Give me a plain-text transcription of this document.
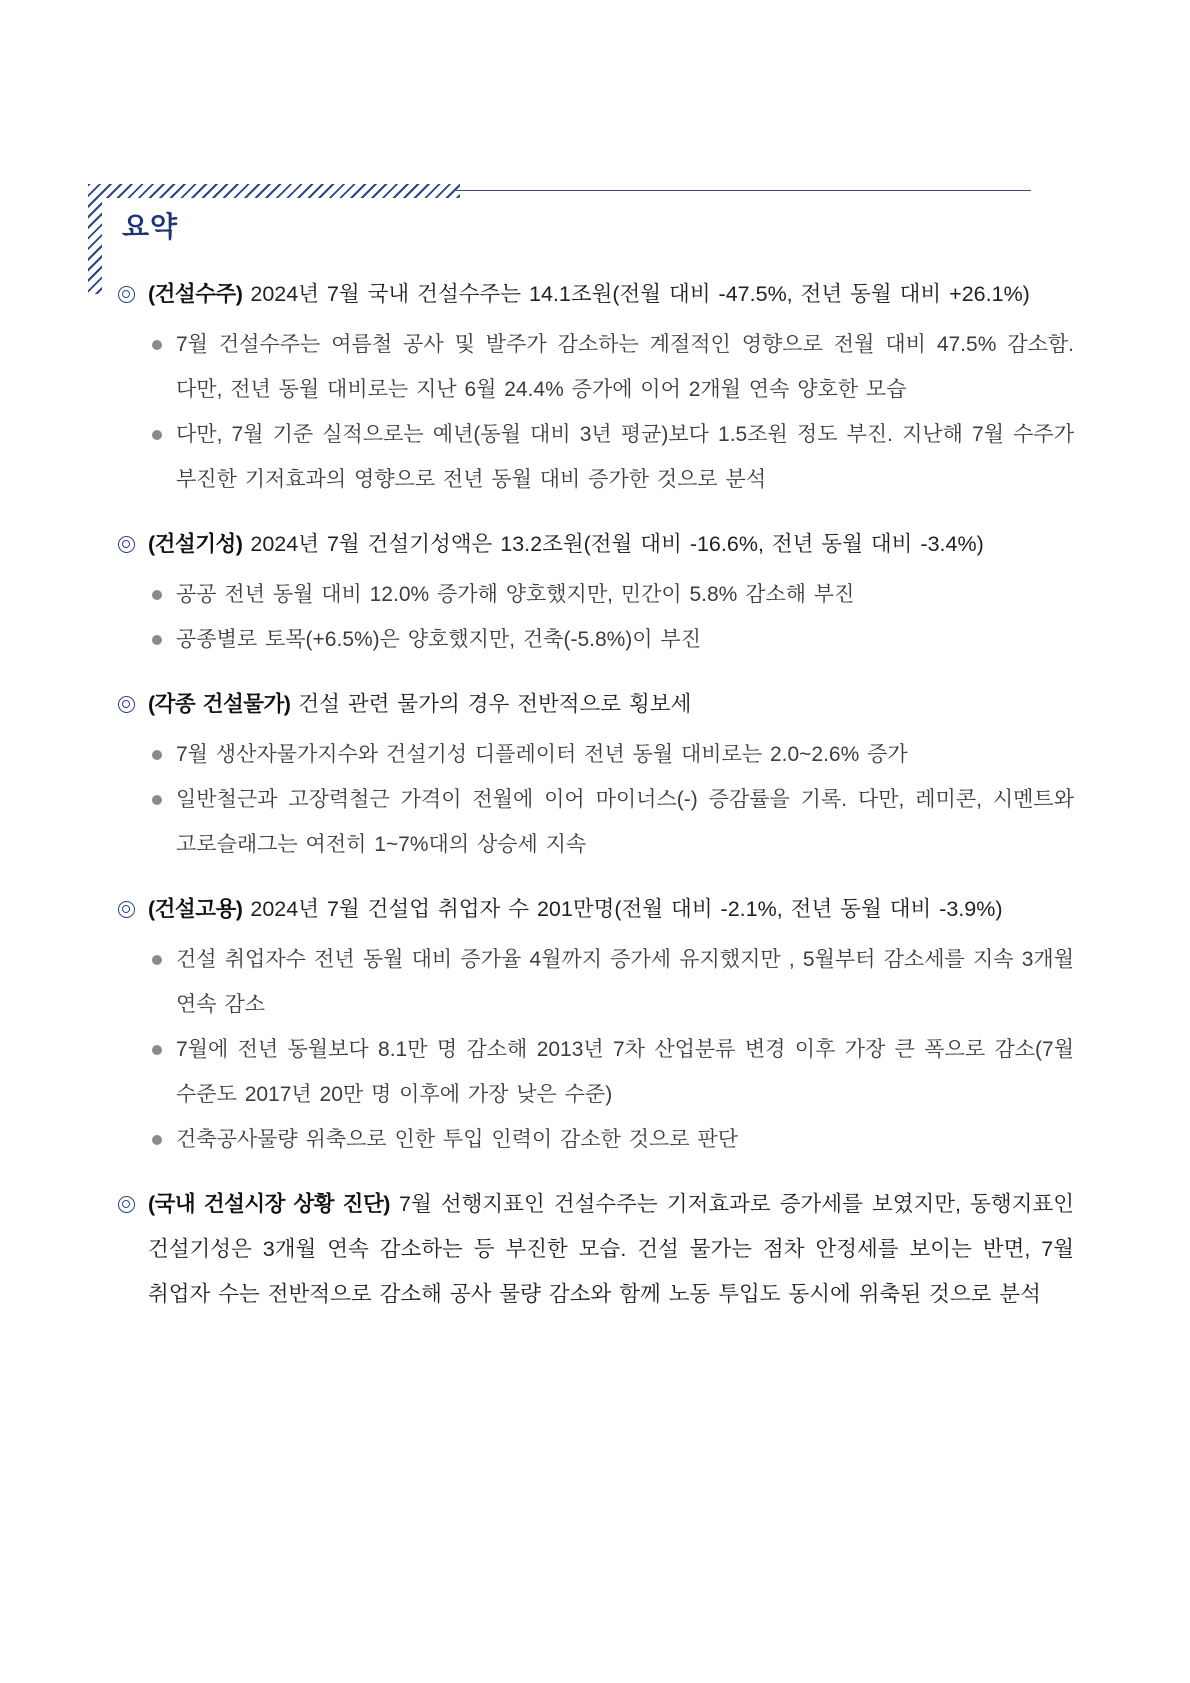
요약

(건설수주) 2024년 7월 국내 건설수주는 14.1조원(전월 대비 -47.5%, 전년 동월 대비 +26.1%)

7월 건설수주는 여름철 공사 및 발주가 감소하는 계절적인 영향으로 전월 대비 47.5% 감소함. 다만, 전년 동월 대비로는 지난 6월 24.4% 증가에 이어 2개월 연속 양호한 모습

다만, 7월 기준 실적으로는 예년(동월 대비 3년 평균)보다 1.5조원 정도 부진. 지난해 7월 수주가 부진한 기저효과의 영향으로 전년 동월 대비 증가한 것으로 분석

(건설기성) 2024년 7월 건설기성액은 13.2조원(전월 대비 -16.6%, 전년 동월 대비 -3.4%)

공공 전년 동월 대비 12.0% 증가해 양호했지만, 민간이 5.8% 감소해 부진

공종별로 토목(+6.5%)은 양호했지만, 건축(-5.8%)이 부진

(각종 건설물가) 건설 관련 물가의 경우 전반적으로 횡보세

7월 생산자물가지수와 건설기성 디플레이터 전년 동월 대비로는 2.0~2.6% 증가

일반철근과 고장력철근 가격이 전월에 이어 마이너스(-) 증감률을 기록. 다만, 레미콘, 시멘트와 고로슬래그는 여전히 1~7%대의 상승세 지속

(건설고용) 2024년 7월 건설업 취업자 수 201만명(전월 대비 -2.1%, 전년 동월 대비 -3.9%)

건설 취업자수 전년 동월 대비 증가율 4월까지 증가세 유지했지만 , 5월부터 감소세를 지속 3개월 연속 감소

7월에 전년 동월보다 8.1만 명 감소해 2013년 7차 산업분류 변경 이후 가장 큰 폭으로 감소(7월 수준도 2017년 20만 명 이후에 가장 낮은 수준)

건축공사물량 위축으로 인한 투입 인력이 감소한 것으로 판단

(국내 건설시장 상황 진단) 7월 선행지표인 건설수주는 기저효과로 증가세를 보였지만, 동행지표인 건설기성은 3개월 연속 감소하는 등 부진한 모습. 건설 물가는 점차 안정세를 보이는 반면, 7월 취업자 수는 전반적으로 감소해 공사 물량 감소와 함께 노동 투입도 동시에 위축된 것으로 분석
